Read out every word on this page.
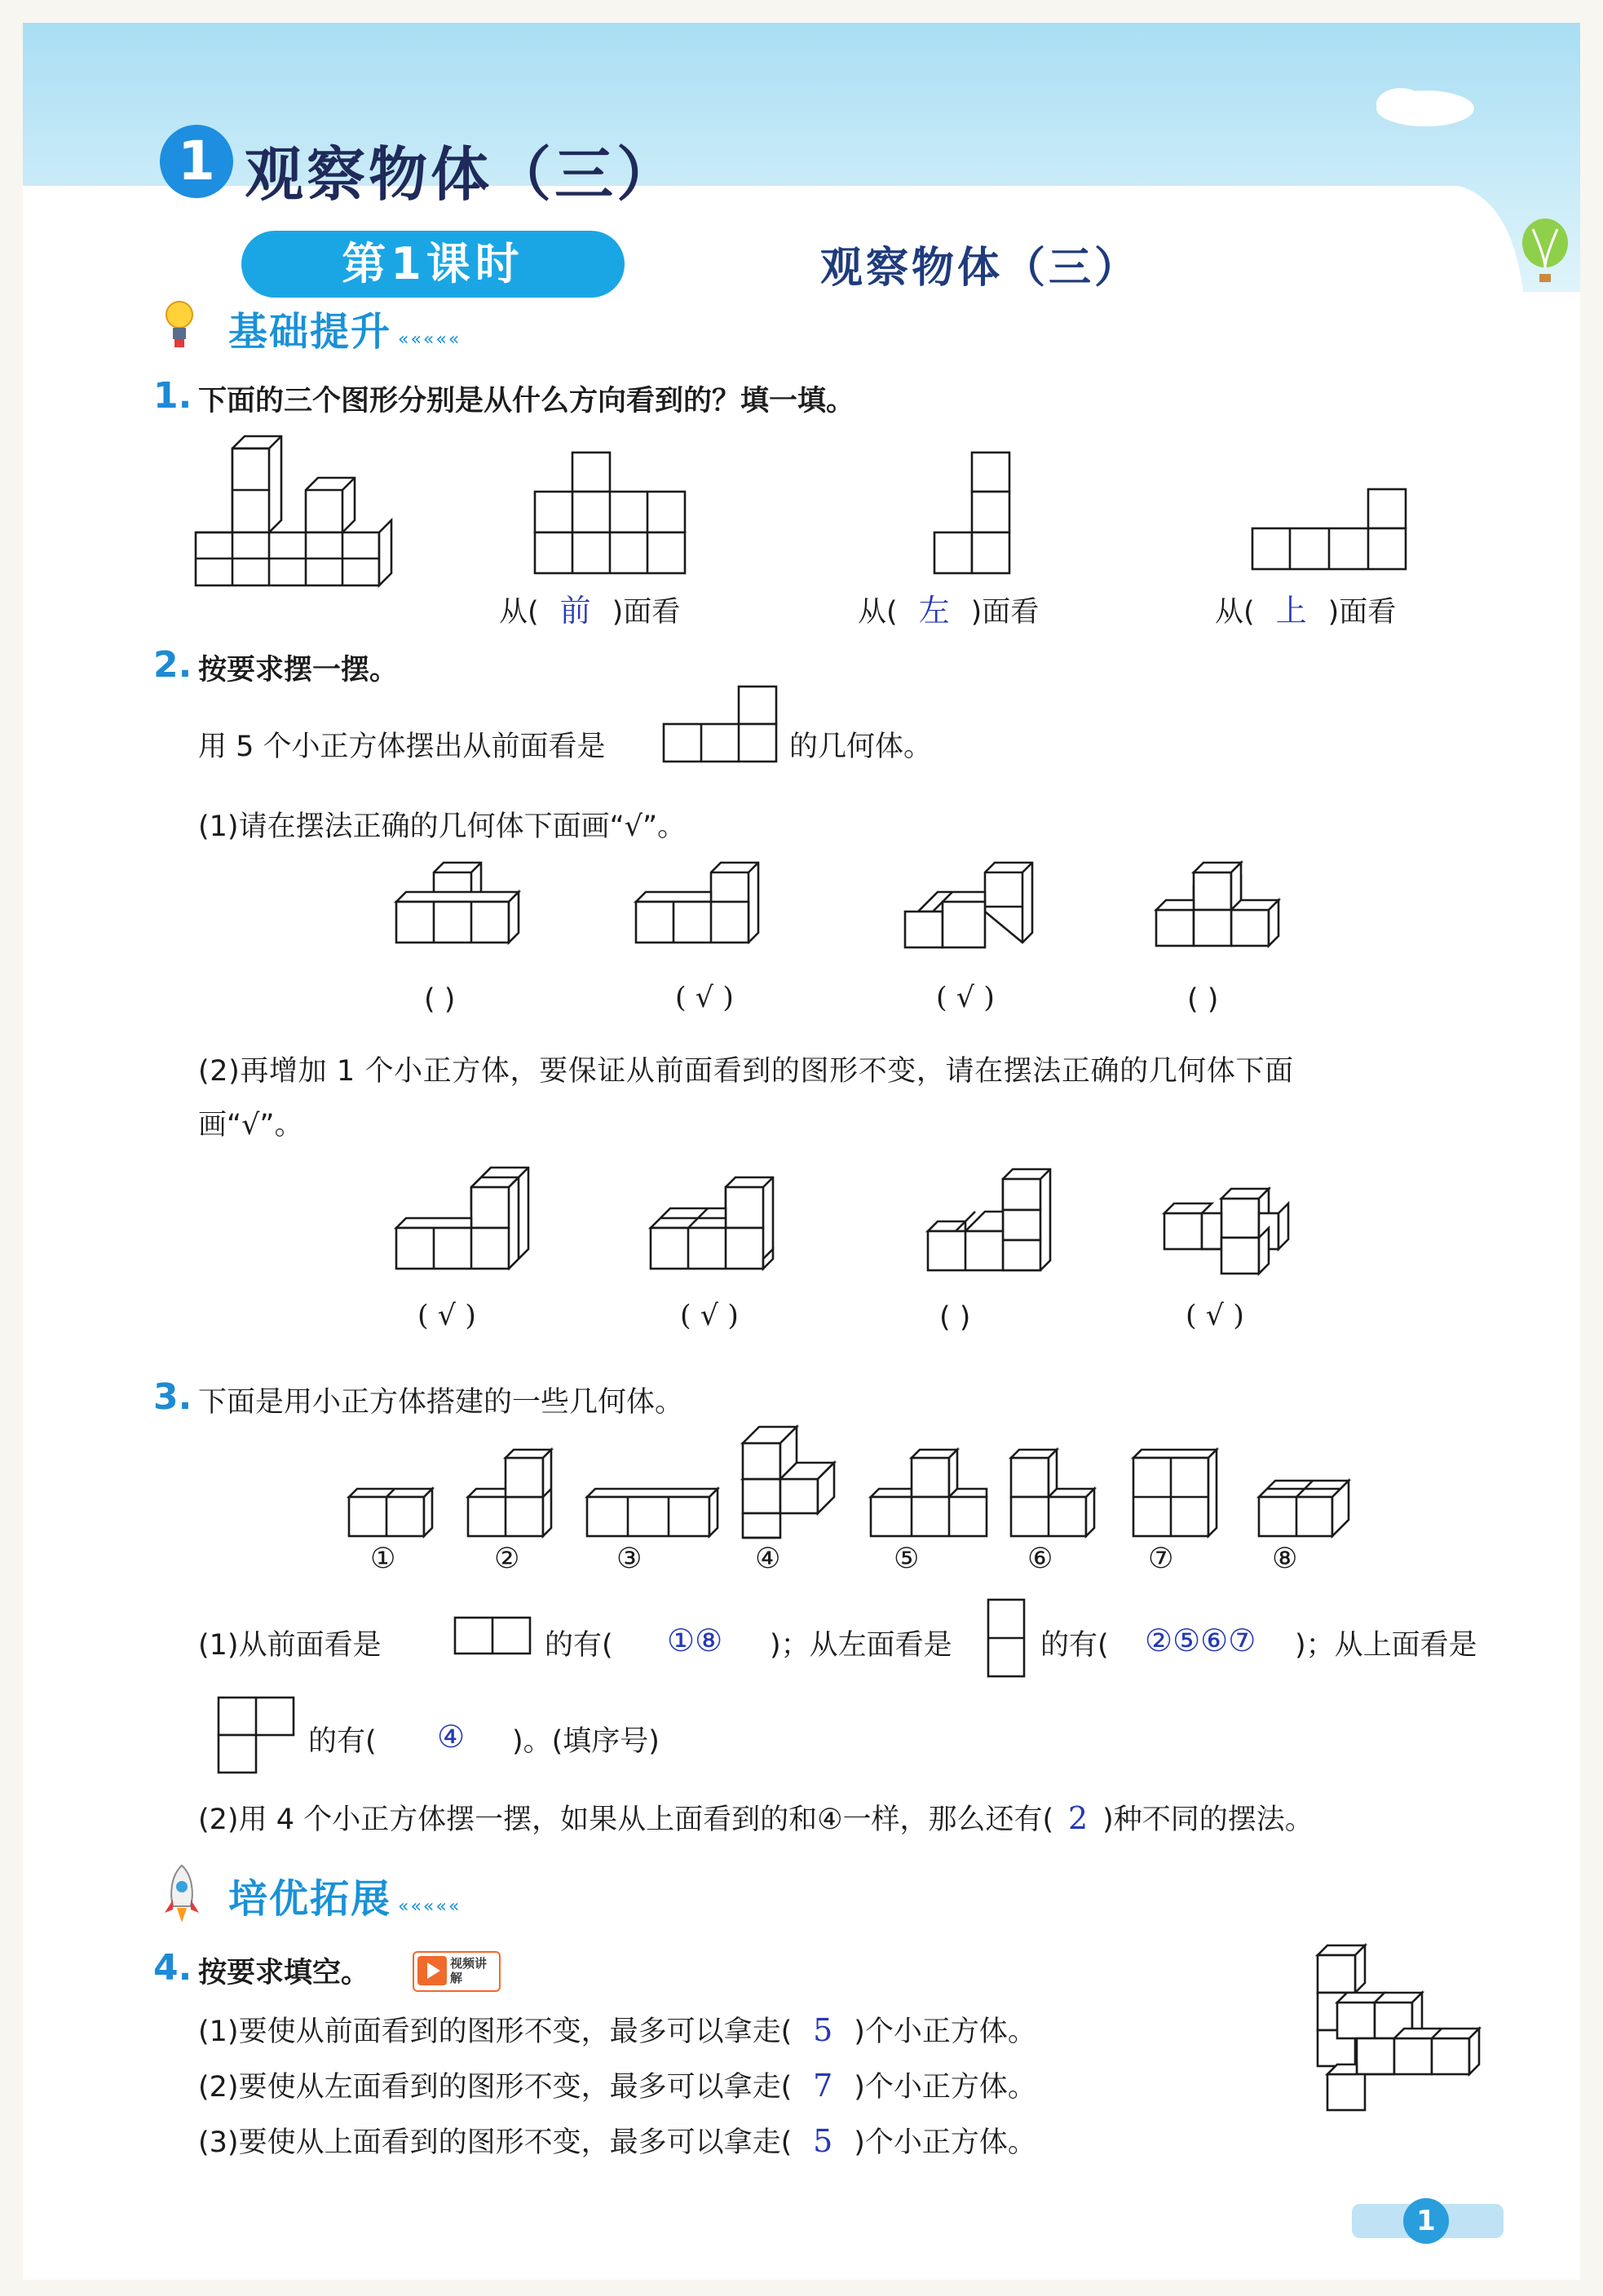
1 观察物体（三）
第1课时	观察物体（三）
基础提升 «««««
1. 下面的三个图形分别是从什么方向看到的？填一填。
从( 前 )面看	从( 左 )面看	从( 上 )面看
2. 按要求摆一摆。
用 5 个小正方体摆出从前面看是	的几何体。
(1)请在摆法正确的几何体下面画“√”。
( )	( √ )	( √ )	( )
(2)再增加 1 个小正方体，要保证从前面看到的图形不变，请在摆法正确的几何体下面
画“√”。
( √ )	( √ )	( )	( √ )
3. 下面是用小正方体搭建的一些几何体。
①	②	③	④	⑤	⑥	⑦	⑧
(1)从前面看是	的有( ①⑧ )；从左面看是	的有( ②⑤⑥⑦ )；从上面看是
的有( ④ )。(填序号)
(2)用 4 个小正方体摆一摆，如果从上面看到的和④一样，那么还有( 2 )种不同的摆法。
培优拓展 «««««
4. 按要求填空。	视频讲解
(1)要使从前面看到的图形不变，最多可以拿走( 5 )个小正方体。
(2)要使从左面看到的图形不变，最多可以拿走( 7 )个小正方体。
(3)要使从上面看到的图形不变，最多可以拿走( 5 )个小正方体。
1
